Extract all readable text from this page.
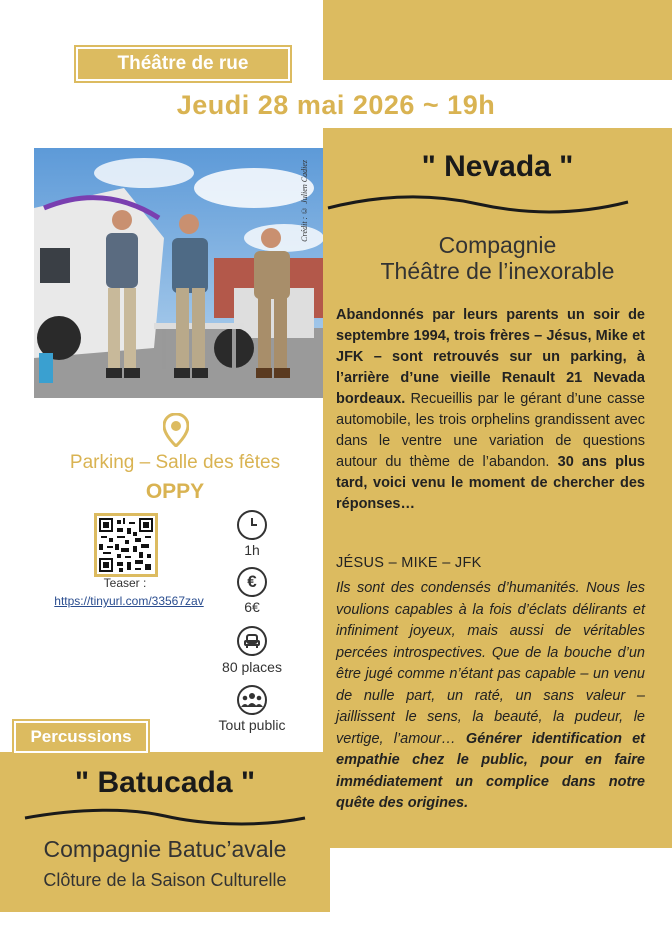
Théâtre de rue
Jeudi 28 mai 2026 ~ 19h
Crédit : © Julien Cadiez	" Nevada "
Compagnie
Théâtre de l’inexorable
Abandonnés par leurs parents un soir de septembre 1994, trois frères – Jésus, Mike et JFK – sont retrouvés sur un parking, à l’arrière d’une vieille Renault 21 Nevada bordeaux. Recueillis par le gérant d’une casse automobile, les trois orphelins grandissent avec dans le ventre une variation de questions autour du thème de l’abandon. 30 ans plus tard, voici venu le moment de chercher des réponses…
JÉSUS – MIKE – JFK
Ils sont des condensés d’humanités. Nous les voulions capables à la fois d’éclats délirants et infiniment joyeux, mais aussi de véritables percées introspectives. Que de la bouche d’un être jugé comme n’étant pas capable – un venu de nulle part, un raté, un sans valeur – jaillissent le sens, la beauté, la pudeur, le vertige, l’amour… Générer identification et empathie chez le public, pour en faire immédiatement un complice dans notre quête des origines.
Parking – Salle des fêtes
OPPY
Teaser :
https://tinyurl.com/33567zav
1h
€
6€
80 places
Tout public
Percussions
" Batucada "
Compagnie Batuc’avale
Clôture de la Saison Culturelle
